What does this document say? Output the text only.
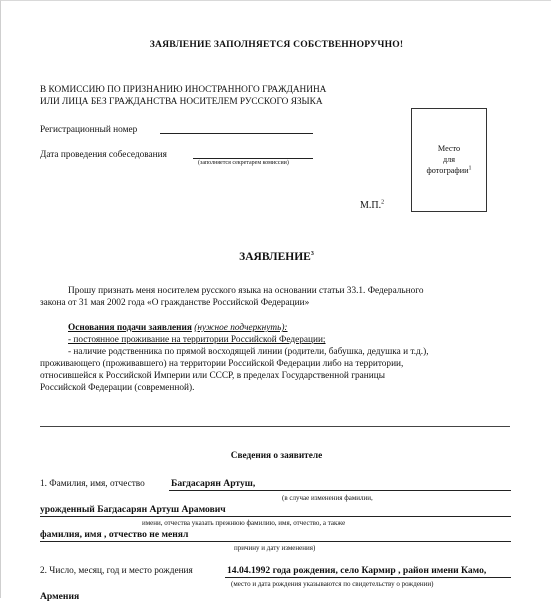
ЗАЯВЛЕНИЕ ЗАПОЛНЯЕТСЯ СОБСТВЕННОРУЧНО!
В КОМИССИЮ ПО ПРИЗНАНИЮ ИНОСТРАННОГО ГРАЖДАНИНА
ИЛИ ЛИЦА БЕЗ ГРАЖДАНСТВА НОСИТЕЛЕМ РУССКОГО ЯЗЫКА
Регистрационный номер
Дата проведения собеседования
(заполняется секретарем комиссии)
Место
для
фотографии$^1$
М.П.$^2$
ЗАЯВЛЕНИЕ$^3$
Прошу признать меня носителем русского языка на основании статьи 33.1. Федерального
закона от 31 мая 2002 года «О гражданстве Российской Федерации»
Основания подачи заявления (нужное подчеркнуть):
- постоянное проживание на территории Российской Федерации;
- наличие родственника по прямой восходящей линии (родители, бабушка, дедушка и т.д.),
проживающего (проживавшего) на территории Российской Федерации либо на территории,
относившейся к Российской Империи или СССР, в пределах Государственной границы
Российской Федерации (современной).
Сведения о заявителе
1. Фамилия, имя, отчество	Багдасарян Артуш,
(в случае изменения фамилии,
урожденный Багдасарян Артуш Арамович
имени, отчества указать прежнюю фамилию, имя, отчество, а также
фамилия, имя , отчество не менял
причину и дату изменения)
2. Число, месяц, год и место рождения	14.04.1992 года рождения, село Кармир , район имени Камо,
(место и дата рождения указываются по свидетельству о рождении)
Армения
